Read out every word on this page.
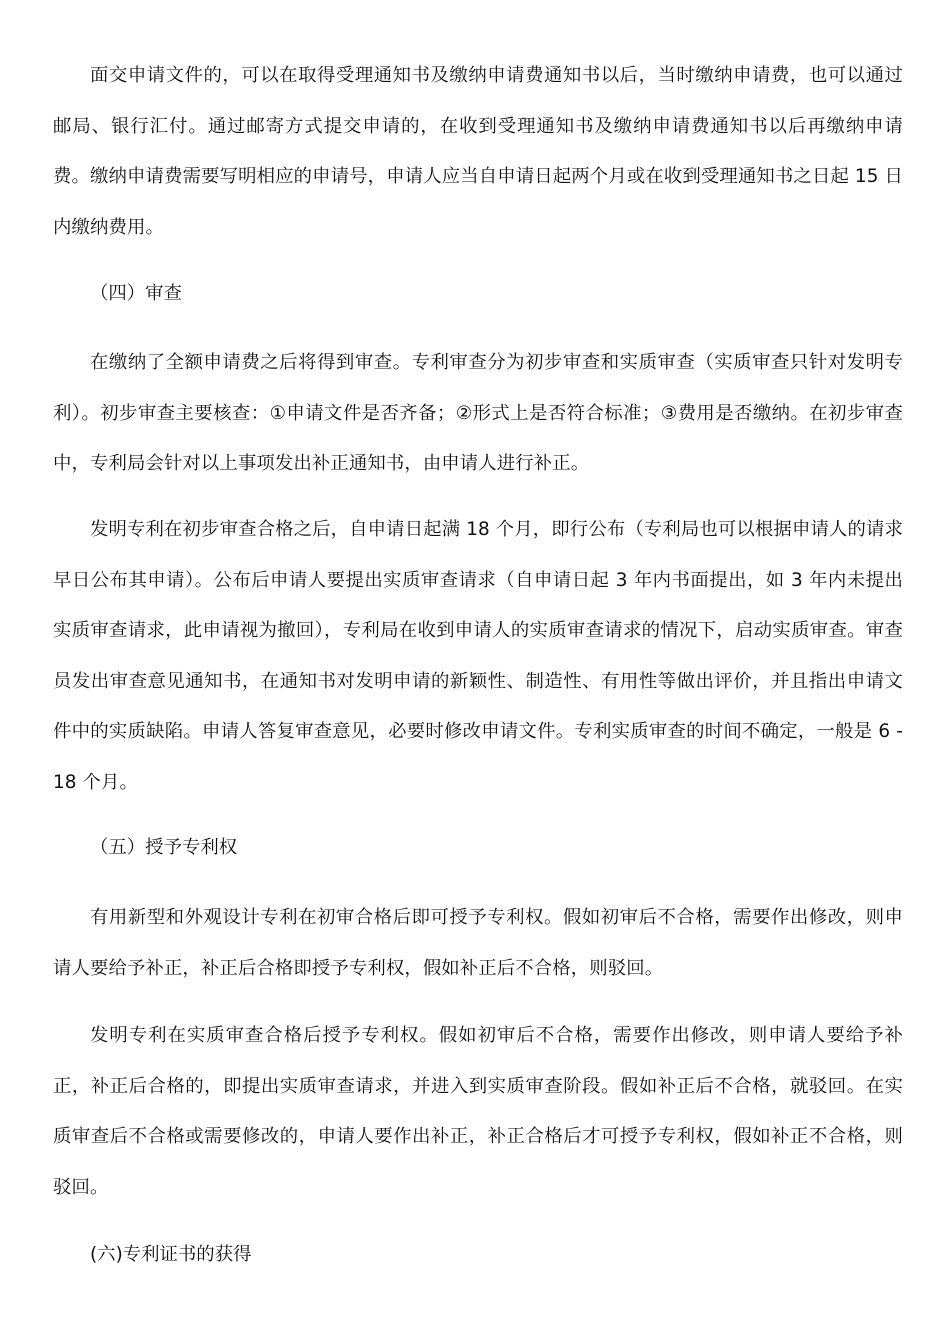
面交申请文件的，可以在取得受理通知书及缴纳申请费通知书以后，当时缴纳申请费，也可以通过邮局、银行汇付。通过邮寄方式提交申请的，在收到受理通知书及缴纳申请费通知书以后再缴纳申请费。缴纳申请费需要写明相应的申请号，申请人应当自申请日起两个月或在收到受理通知书之日起 15 日内缴纳费用。

（四）审查

在缴纳了全额申请费之后将得到审查。专利审查分为初步审查和实质审查（实质审查只针对发明专利）。初步审查主要核查：①申请文件是否齐备；②形式上是否符合标准；③费用是否缴纳。在初步审查中，专利局会针对以上事项发出补正通知书，由申请人进行补正。

发明专利在初步审查合格之后，自申请日起满 18 个月，即行公布（专利局也可以根据申请人的请求早日公布其申请）。公布后申请人要提出实质审查请求（自申请日起 3 年内书面提出，如 3 年内未提出实质审查请求，此申请视为撤回），专利局在收到申请人的实质审查请求的情况下，启动实质审查。审查员发出审查意见通知书，在通知书对发明申请的新颖性、制造性、有用性等做出评价，并且指出申请文件中的实质缺陷。申请人答复审查意见，必要时修改申请文件。专利实质审查的时间不确定，一般是 6 - 18 个月。

（五）授予专利权

有用新型和外观设计专利在初审合格后即可授予专利权。假如初审后不合格，需要作出修改，则申请人要给予补正，补正后合格即授予专利权，假如补正后不合格，则驳回。

发明专利在实质审查合格后授予专利权。假如初审后不合格，需要作出修改，则申请人要给予补正，补正后合格的，即提出实质审查请求，并进入到实质审查阶段。假如补正后不合格，就驳回。在实质审查后不合格或需要修改的，申请人要作出补正，补正合格后才可授予专利权，假如补正不合格，则驳回。

(六)专利证书的获得
